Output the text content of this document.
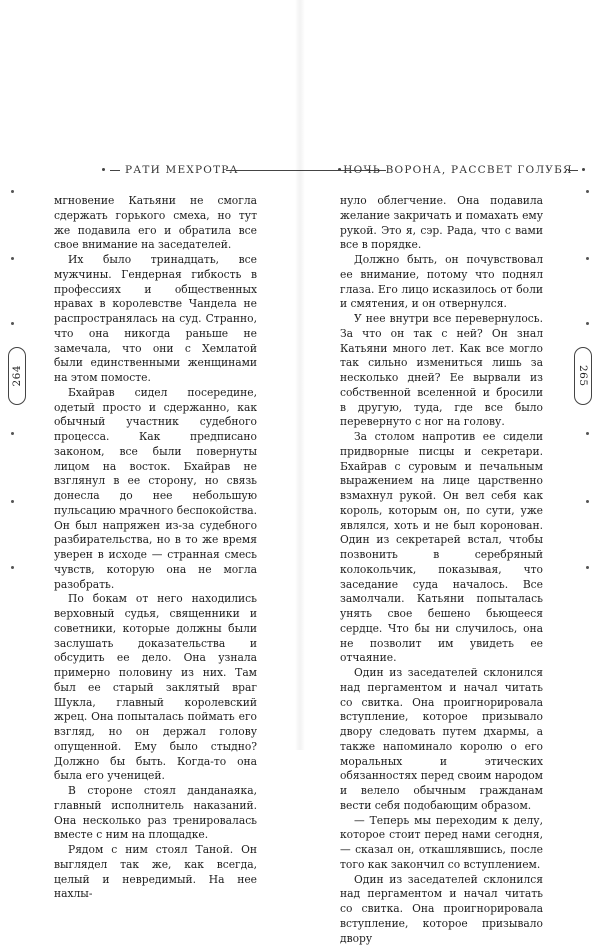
РАТИ МЕХРОТРА
264

мгновение Катьяни не смогла сдержать горького смеха, но тут же подавила его и обратила все свое внимание на заседателей.

Их было тринадцать, все мужчины. Гендерная гибкость в профессиях и общественных нравах в королевстве Чандела не распространялась на суд. Странно, что она никогда раньше не замечала, что они с Хемлатой были единственными женщинами на этом помосте.

Бхайрав сидел посередине, одетый просто и сдержанно, как обычный участник судебного процесса. Как предписано законом, все были повернуты лицом на восток. Бхайрав не взглянул в ее сторону, но связь донесла до нее небольшую пульсацию мрачного беспокойства. Он был напряжен из-за судебного разбирательства, но в то же время уверен в исходе — странная смесь чувств, которую она не могла разобрать.

По бокам от него находились верховный судья, священники и советники, которые должны были заслушать доказательства и обсудить ее дело. Она узнала примерно половину из них. Там был ее старый заклятый враг Шукла, главный королевский жрец. Она попыталась поймать его взгляд, но он держал голову опущенной. Ему было стыдно? Должно бы быть. Когда-то она была его ученицей.

В стороне стоял данданаяка, главный исполнитель наказаний. Она несколько раз тренировалась вместе с ним на площадке.

Рядом с ним стоял Таной. Он выглядел так же, как всегда, целый и невредимый. На нее нахлы-

НОЧЬ ВОРОНА, РАССВЕТ ГОЛУБЯ

нуло облегчение. Она подавила желание закричать и помахать ему рукой. Это я, сэр. Рада, что с вами все в порядке.

Должно быть, он почувствовал ее внимание, потому что поднял глаза. Его лицо исказилось от боли и смятения, и он отвернулся.

У нее внутри все перевернулось. За что он так с ней? Он знал Катьяни много лет. Как все могло так сильно измениться лишь за несколько дней? Ее вырвали из собственной вселенной и бросили в другую, туда, где все было перевернуто с ног на голову.

За столом напротив ее сидели придворные писцы и секретари. Бхайрав с суровым и печальным выражением на лице царственно взмахнул рукой. Он вел себя как король, которым он, по сути, уже являлся, хоть и не был коронован. Один из секретарей встал, чтобы позвонить в серебряный колокольчик, показывая, что заседание суда началось. Все замолчали. Катьяни попыталась унять свое бешено бьющееся сердце. Что бы ни случилось, она не позволит им увидеть ее отчаяние.

Один из заседателей склонился над пергаментом и начал читать со свитка. Она проигнорировала вступление, которое призывало двору следовать путем дхармы, а также напоминало королю о его моральных и этических обязанностях перед своим народом и велело обычным гражданам вести себя подобающим образом.

— Теперь мы переходим к делу, которое стоит перед нами сегодня, — сказал он, откашлявшись, после того как закончил со вступлением.

Один из заседателей склонился над пергаментом и начал читать со свитка. Она проигнорировала вступление, которое призывало двору

265
